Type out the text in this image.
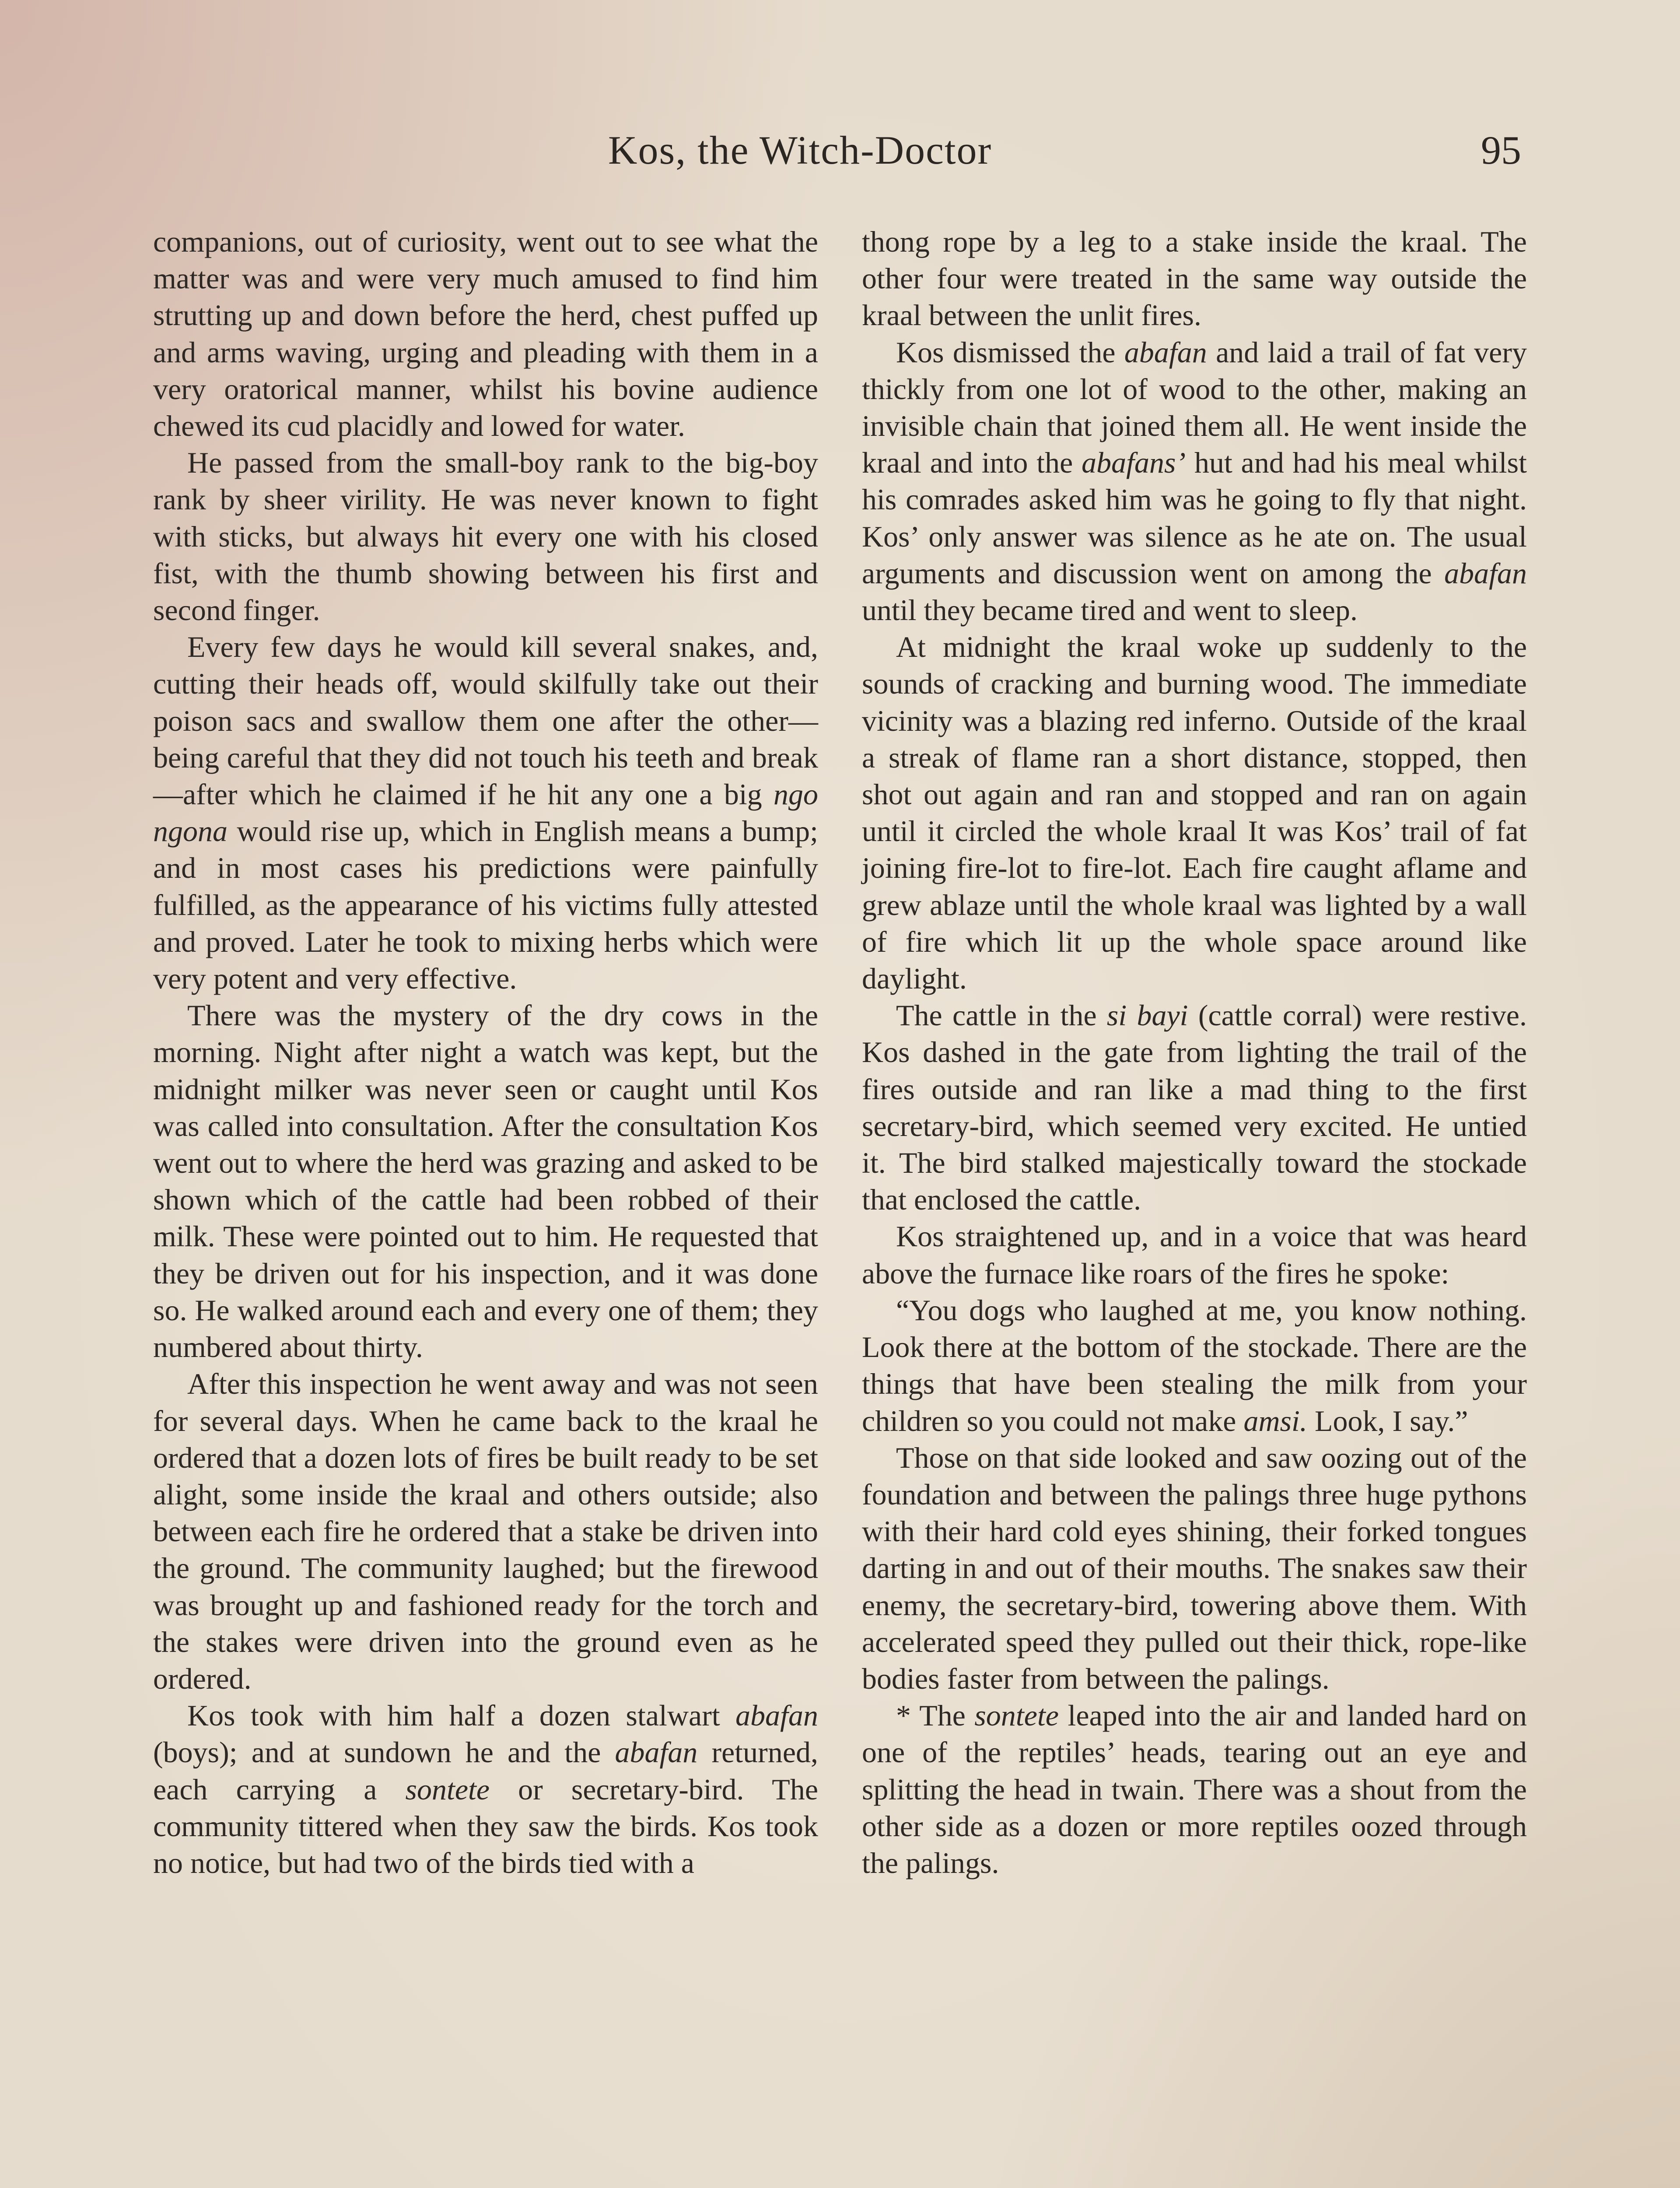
Kos, the Witch-Doctor	95

companions, out of curiosity, went out to see what the matter was and were very much amused to find him strutting up and down before the herd, chest puffed up and arms waving, urging and pleading with them in a very oratorical manner, whilst his bovine audience chewed its cud placidly and lowed for water.

He passed from the small-boy rank to the big-boy rank by sheer virility. He was never known to fight with sticks, but always hit every one with his closed fist, with the thumb showing between his first and second finger.

Every few days he would kill several snakes, and, cutting their heads off, would skilfully take out their poison sacs and swallow them one after the other—being careful that they did not touch his teeth and break—after which he claimed if he hit any one a big ngo ngona would rise up, which in English means a bump; and in most cases his predictions were painfully fulfilled, as the appearance of his victims fully attested and proved. Later he took to mixing herbs which were very potent and very effective.

There was the mystery of the dry cows in the morning. Night after night a watch was kept, but the midnight milker was never seen or caught until Kos was called into consultation. After the consultation Kos went out to where the herd was grazing and asked to be shown which of the cattle had been robbed of their milk. These were pointed out to him. He requested that they be driven out for his inspection, and it was done so. He walked around each and every one of them; they numbered about thirty.

After this inspection he went away and was not seen for several days. When he came back to the kraal he ordered that a dozen lots of fires be built ready to be set alight, some inside the kraal and others outside; also between each fire he ordered that a stake be driven into the ground. The community laughed; but the firewood was brought up and fashioned ready for the torch and the stakes were driven into the ground even as he ordered.

Kos took with him half a dozen stalwart abafan (boys); and at sundown he and the abafan returned, each carrying a sontete or secretary-bird. The community tittered when they saw the birds. Kos took no notice, but had two of the birds tied with a

thong rope by a leg to a stake inside the kraal. The other four were treated in the same way outside the kraal between the unlit fires.

Kos dismissed the abafan and laid a trail of fat very thickly from one lot of wood to the other, making an invisible chain that joined them all. He went inside the kraal and into the abafans’ hut and had his meal whilst his comrades asked him was he going to fly that night. Kos’ only answer was silence as he ate on. The usual arguments and discussion went on among the abafan until they became tired and went to sleep.

At midnight the kraal woke up suddenly to the sounds of cracking and burning wood. The immediate vicinity was a blazing red inferno. Outside of the kraal a streak of flame ran a short distance, stopped, then shot out again and ran and stopped and ran on again until it circled the whole kraal It was Kos’ trail of fat joining fire-lot to fire-lot. Each fire caught aflame and grew ablaze until the whole kraal was lighted by a wall of fire which lit up the whole space around like daylight.

The cattle in the si bayi (cattle corral) were restive. Kos dashed in the gate from lighting the trail of the fires outside and ran like a mad thing to the first secretary-bird, which seemed very excited. He untied it. The bird stalked majestically toward the stockade that enclosed the cattle.

Kos straightened up, and in a voice that was heard above the furnace like roars of the fires he spoke:

“You dogs who laughed at me, you know nothing. Look there at the bottom of the stockade. There are the things that have been stealing the milk from your children so you could not make amsi. Look, I say.”

Those on that side looked and saw oozing out of the foundation and between the palings three huge pythons with their hard cold eyes shining, their forked tongues darting in and out of their mouths. The snakes saw their enemy, the secretary-bird, towering above them. With accelerated speed they pulled out their thick, rope-like bodies faster from between the palings.

* The sontete leaped into the air and landed hard on one of the reptiles’ heads, tearing out an eye and splitting the head in twain. There was a shout from the other side as a dozen or more reptiles oozed through the palings.
